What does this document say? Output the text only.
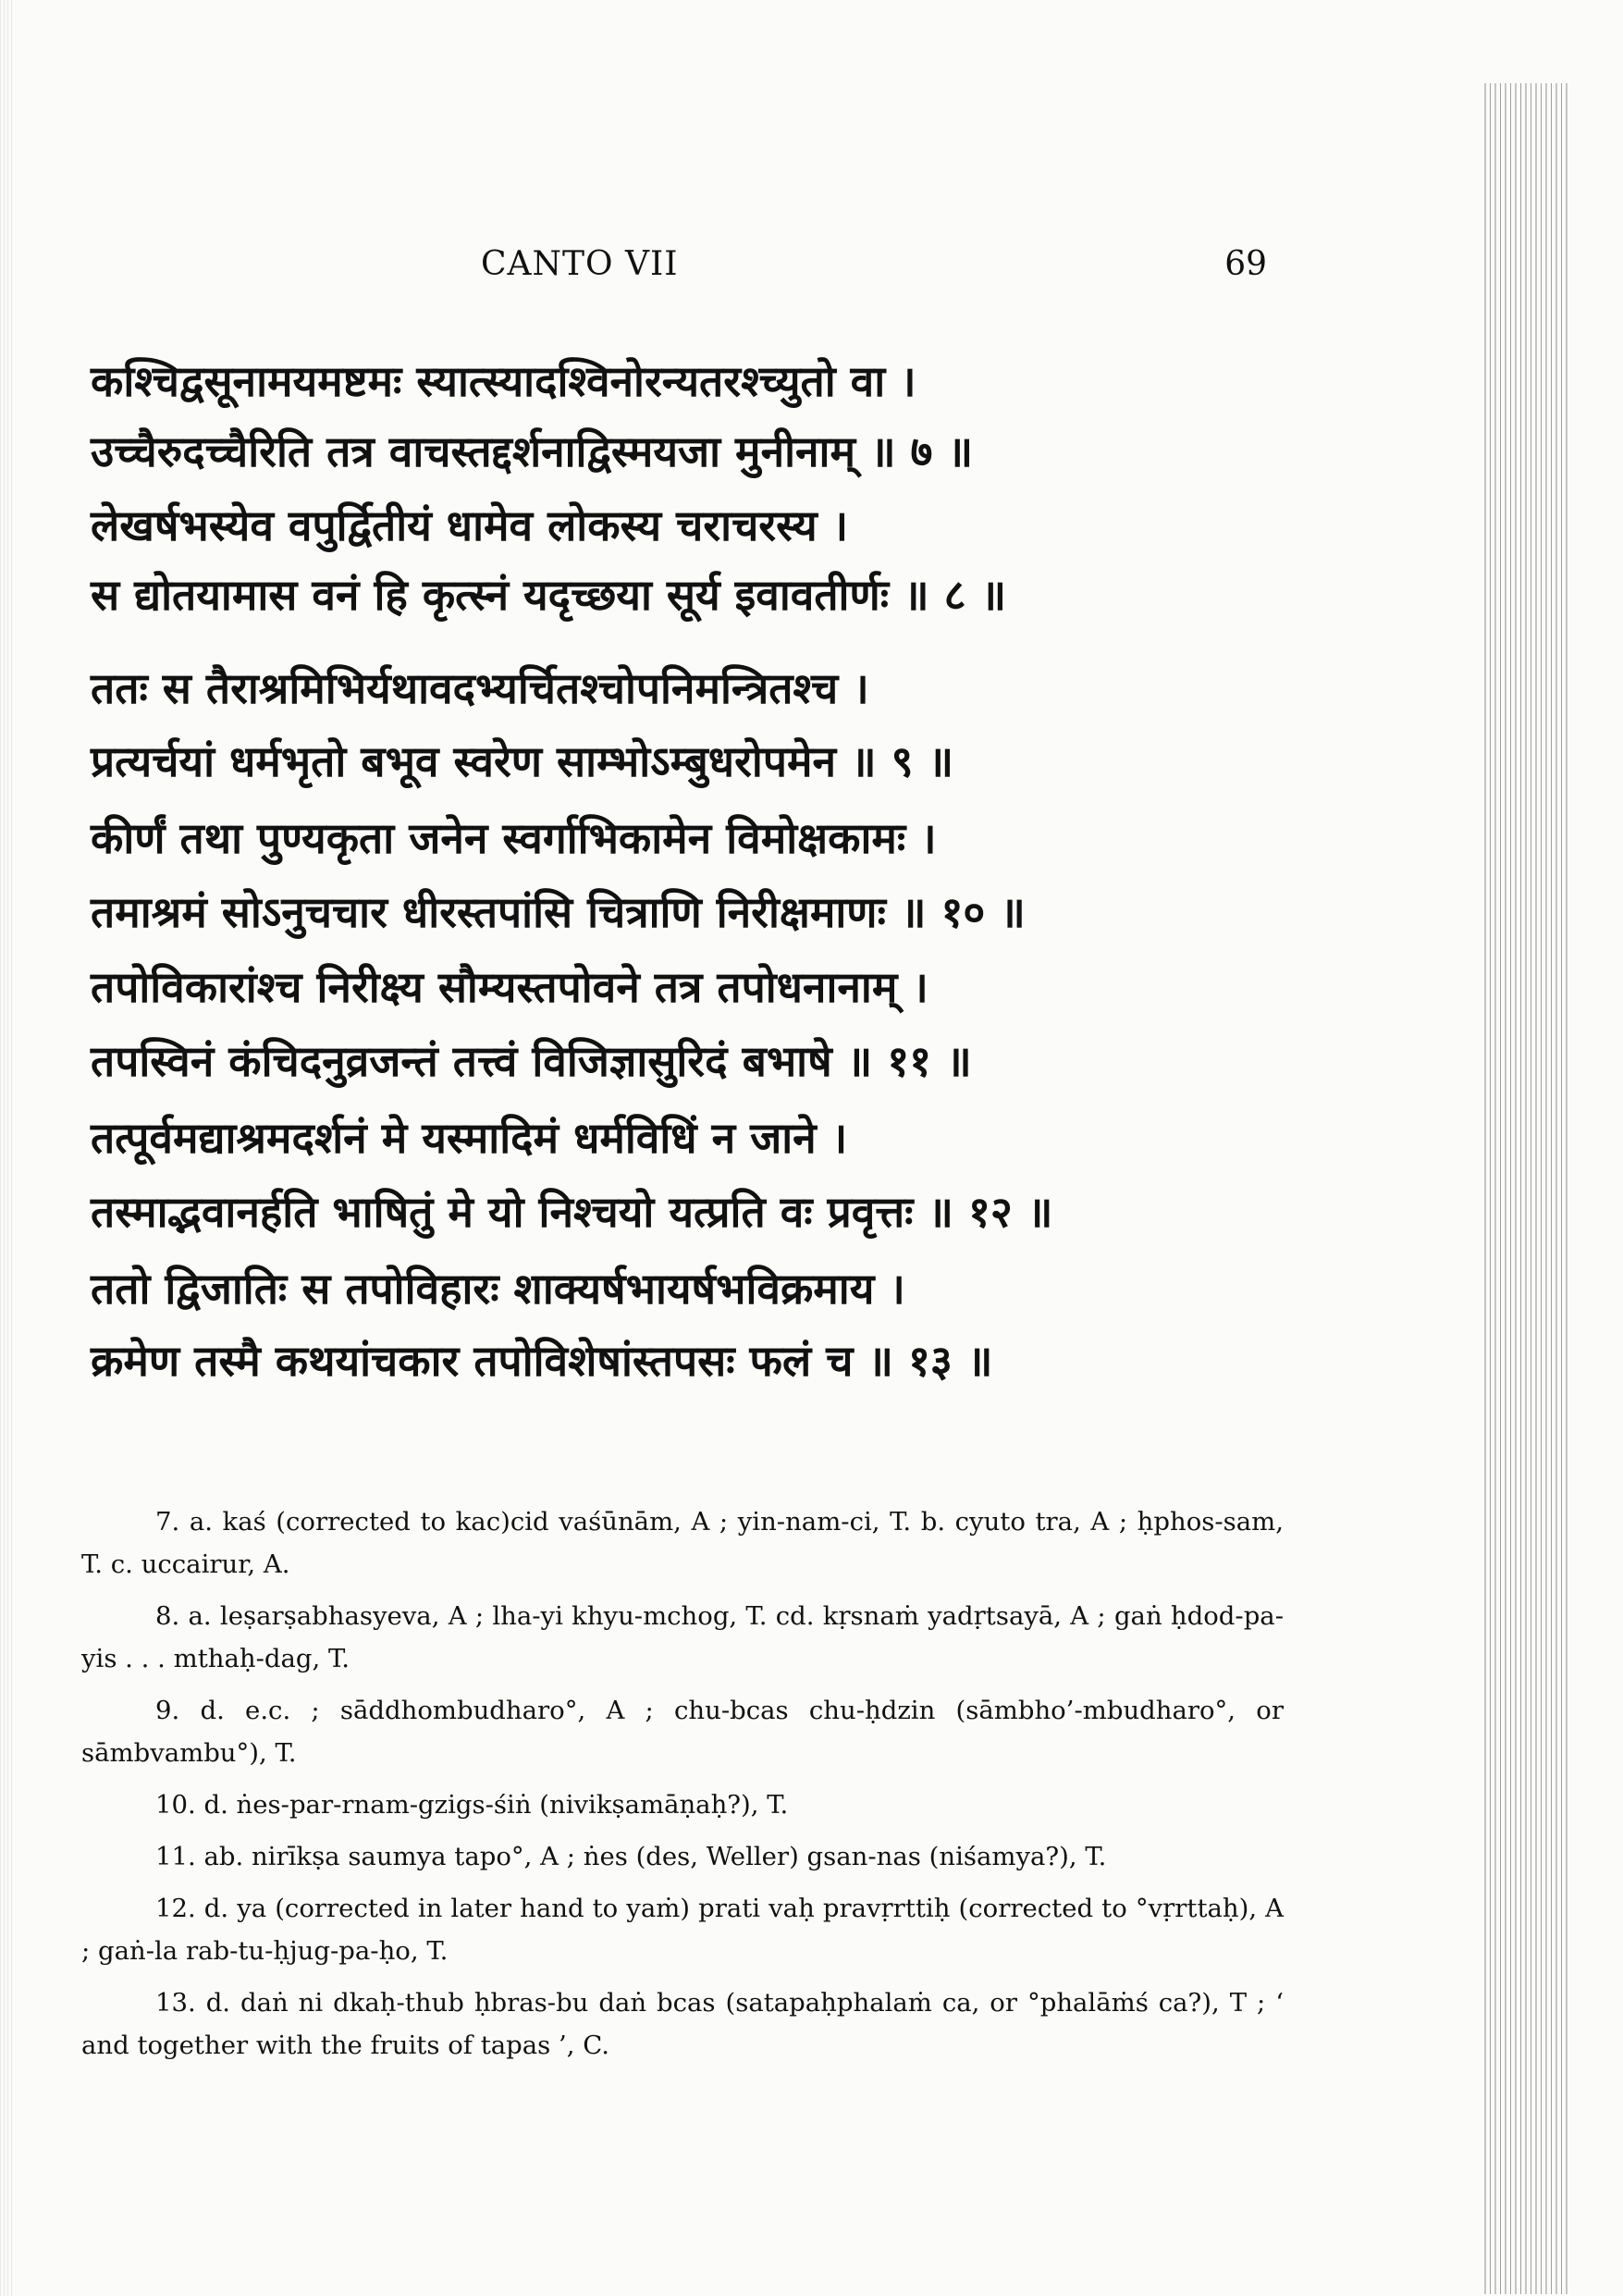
CANTO VII	69
कश्चिद्वसूनामयमष्टमः स्यात्स्यादश्विनोरन्यतरश्च्युतो वा ।
उच्चैरुदच्चैरिति तत्र वाचस्तद्दर्शनाद्विस्मयजा मुनीनाम् ॥ ७ ॥
लेखर्षभस्येव वपुर्द्वितीयं धामेव लोकस्य चराचरस्य ।
स द्योतयामास वनं हि कृत्स्नं यदृच्छया सूर्य इवावतीर्णः ॥ ८ ॥
ततः स तैराश्रमिभिर्यथावदभ्यर्चितश्चोपनिमन्त्रितश्च ।
प्रत्यर्चयां धर्मभृतो बभूव स्वरेण साम्भोऽम्बुधरोपमेन ॥ ९ ॥
कीर्णं तथा पुण्यकृता जनेन स्वर्गाभिकामेन विमोक्षकामः ।
तमाश्रमं सोऽनुचचार धीरस्तपांसि चित्राणि निरीक्षमाणः ॥ १० ॥
तपोविकारांश्च निरीक्ष्य सौम्यस्तपोवने तत्र तपोधनानाम् ।
तपस्विनं कंचिदनुव्रजन्तं तत्त्वं विजिज्ञासुरिदं बभाषे ॥ ११ ॥
तत्पूर्वमद्याश्रमदर्शनं मे यस्मादिमं धर्मविधिं न जाने ।
तस्माद्भवानर्हति भाषितुं मे यो निश्चयो यत्प्रति वः प्रवृत्तः ॥ १२ ॥
ततो द्विजातिः स तपोविहारः शाक्यर्षभायर्षभविक्रमाय ।
क्रमेण तस्मै कथयांचकार तपोविशेषांस्तपसः फलं च ॥ १३ ॥

7. a. kaś (corrected to kac)cid vaśūnām, A ; yin-nam-ci, T. b. cyuto tra, A ; ḥphos-sam, T. c. uccairur, A.

8. a. leṣarṣabhasyeva, A ; lha-yi khyu-mchog, T. cd. kṛsnaṁ yadṛtsayā, A ; gaṅ ḥdod-pa-yis . . . mthaḥ-dag, T.

9. d. e.c. ; sāddhombudharo°, A ; chu-bcas chu-ḥdzin (sāmbho’-mbudharo°, or sāmbvambu°), T.

10. d. ṅes-par-rnam-gzigs-śiṅ (nivikṣamāṇaḥ?), T.

11. ab. nirīkṣa saumya tapo°, A ; ṅes (des, Weller) gsan-nas (niśamya?), T.

12. d. ya (corrected in later hand to yaṁ) prati vaḥ pravṛrttiḥ (corrected to °vṛrttaḥ), A ; gaṅ-la rab-tu-ḥjug-pa-ḥo, T.

13. d. daṅ ni dkaḥ-thub ḥbras-bu daṅ bcas (satapaḥphalaṁ ca, or °phalāṁś ca?), T ; ‘ and together with the fruits of tapas ’, C.
